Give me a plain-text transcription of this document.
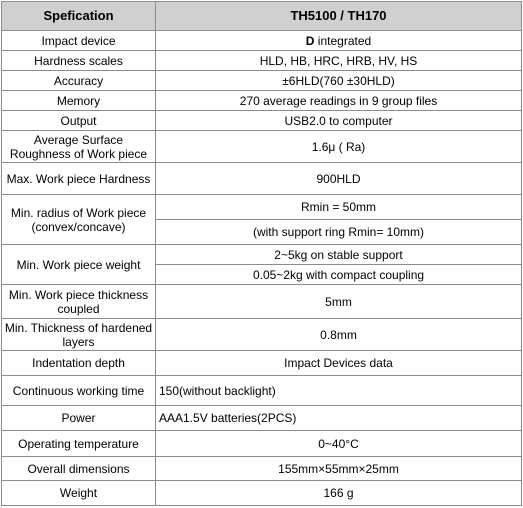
Spefication	TH5100 / TH170
Impact device	D integrated
Hardness scales	HLD, HB, HRC, HRB, HV, HS
Accuracy	±6HLD(760 ±30HLD)
Memory	270 average readings in 9 group files
Output	USB2.0 to computer
Average Surface Roughness of Work piece	1.6μ ( Ra)
Max. Work piece Hardness	900HLD
Min. radius of Work piece (convex/concave)	Rmin = 50mm
	(with support ring Rmin= 10mm)
Min. Work piece weight	2~5kg on stable support
	0.05~2kg with compact coupling
Min. Work piece thickness coupled	5mm
Min. Thickness of hardened layers	0.8mm
Indentation depth	Impact Devices data
Continuous working time	150(without backlight)
Power	AAA1.5V batteries(2PCS)
Operating temperature	0~40°C
Overall dimensions	155mm×55mm×25mm
Weight	166 g
